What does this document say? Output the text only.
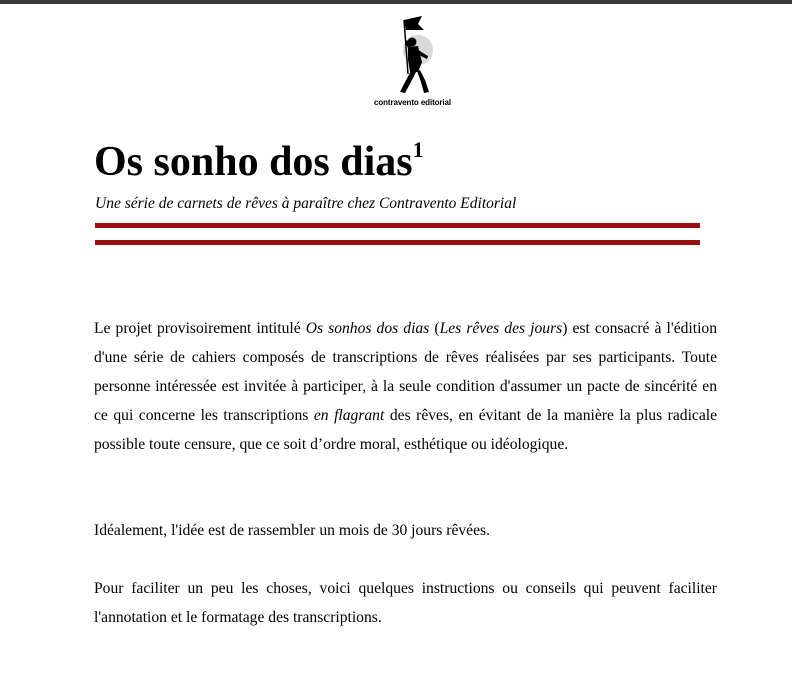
contravento editorial
Os sonho dos dias$^1$
Une série de carnets de rêves à paraître chez Contravento Editorial

Le projet provisoirement intitulé Os sonhos dos dias (Les rêves des jours) est consacré à l'édition d'une série de cahiers composés de transcriptions de rêves réalisées par ses participants. Toute personne intéressée est invitée à participer, à la seule condition d'assumer un pacte de sincérité en ce qui concerne les transcriptions en flagrant des rêves, en évitant de la manière la plus radicale possible toute censure, que ce soit d’ordre moral, esthétique ou idéologique.

Idéalement, l'idée est de rassembler un mois de 30 jours rêvées.

Pour faciliter un peu les choses, voici quelques instructions ou conseils qui peuvent faciliter l'annotation et le formatage des transcriptions.
